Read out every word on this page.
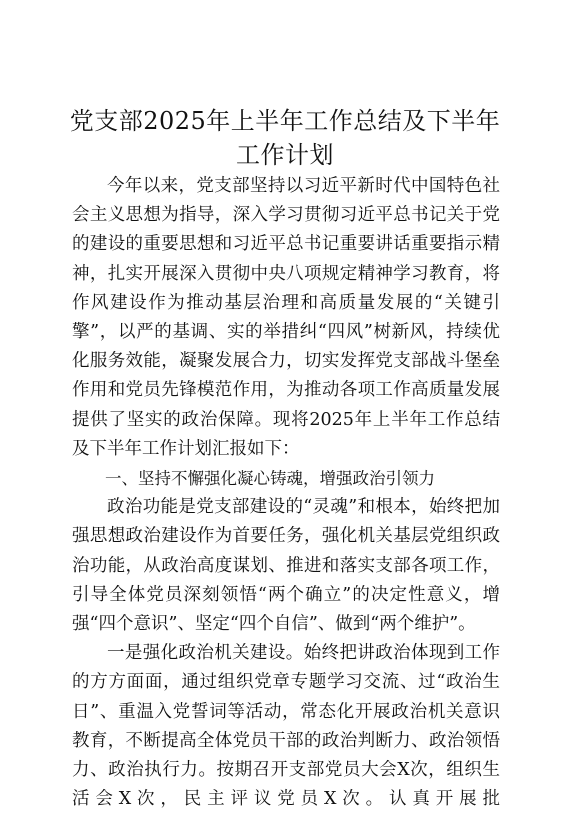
党支部2025年上半年工作总结及下半年
工作计划

今年以来，党支部坚持以习近平新时代中国特色社会主义思想为指导，深入学习贯彻习近平总书记关于党的建设的重要思想和习近平总书记重要讲话重要指示精神，扎实开展深入贯彻中央八项规定精神学习教育，将作风建设作为推动基层治理和高质量发展的“关键引擎”，以严的基调、实的举措纠“四风”树新风，持续优化服务效能，凝聚发展合力，切实发挥党支部战斗堡垒作用和党员先锋模范作用，为推动各项工作高质量发展提供了坚实的政治保障。现将2025年上半年工作总结及下半年工作计划汇报如下：

一、坚持不懈强化凝心铸魂，增强政治引领力

政治功能是党支部建设的“灵魂”和根本，始终把加强思想政治建设作为首要任务，强化机关基层党组织政治功能，从政治高度谋划、推进和落实支部各项工作，引导全体党员深刻领悟“两个确立”的决定性意义，增强“四个意识”、坚定“四个自信”、做到“两个维护”。

一是强化政治机关建设。始终把讲政治体现到工作的方方面面，通过组织党章专题学习交流、过“政治生日”、重温入党誓词等活动，常态化开展政治机关意识教育，不断提高全体党员干部的政治判断力、政治领悟力、政治执行力。按期召开支部党员大会X次，组织生活会X次，民主评议党员X次。认真开展批
